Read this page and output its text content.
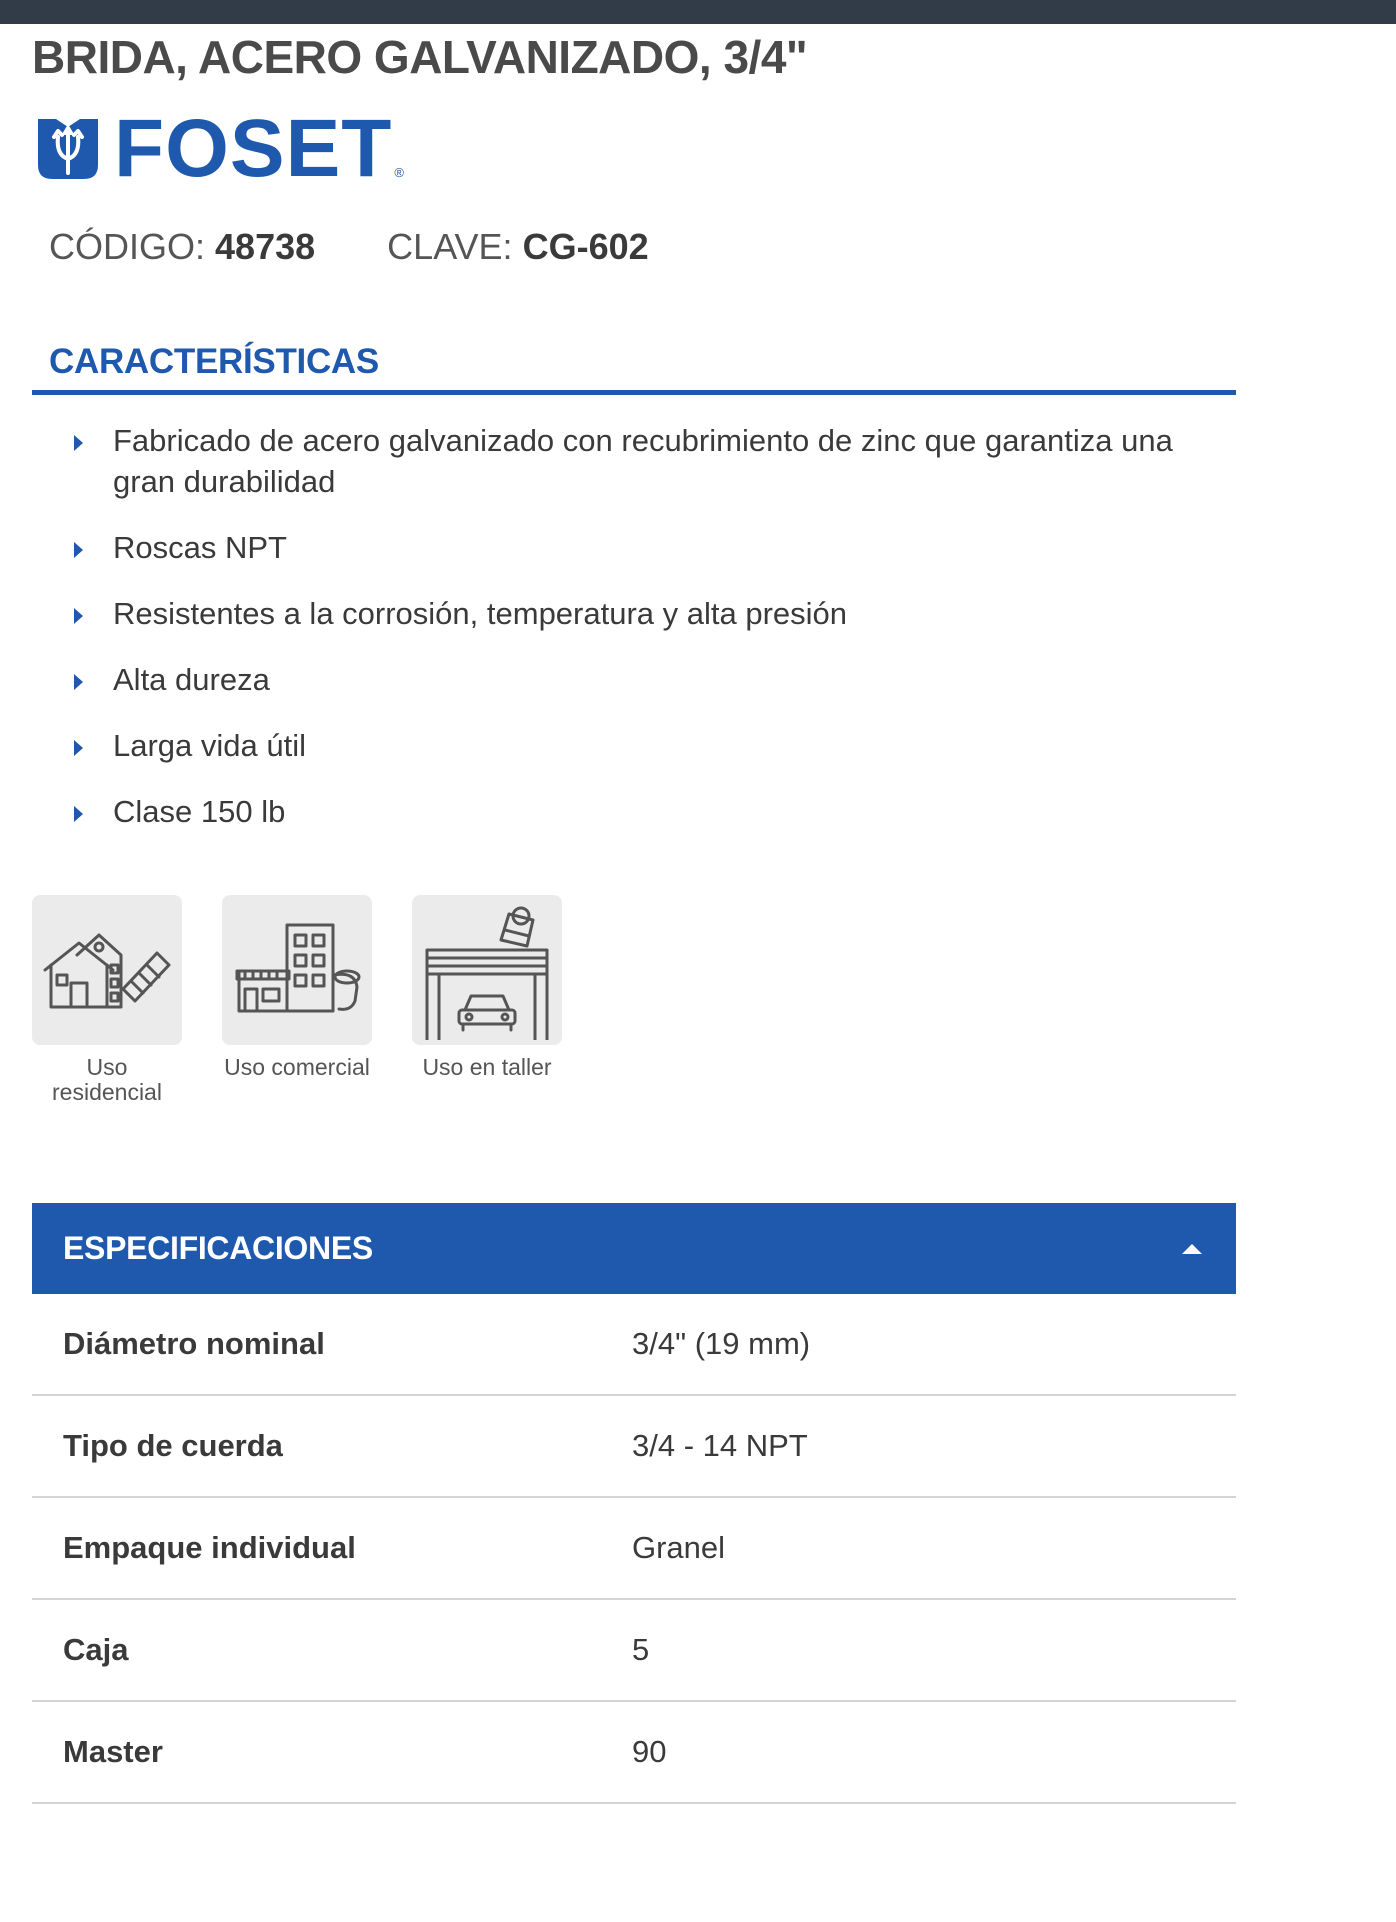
BRIDA, ACERO GALVANIZADO, 3/4"
FOSET ®
CÓDIGO: 48738 CLAVE: CG-602
CARACTERÍSTICAS
Fabricado de acero galvanizado con recubrimiento de zinc que garantiza una gran durabilidad
Roscas NPT
Resistentes a la corrosión, temperatura y alta presión
Alta dureza
Larga vida útil
Clase 150 lb
Uso residencial
Uso comercial	Uso en taller
ESPECIFICACIONES
Diámetro nominal	3/4" (19 mm)
Tipo de cuerda	3/4 - 14 NPT
Empaque individual	Granel
Caja	5
Master	90
